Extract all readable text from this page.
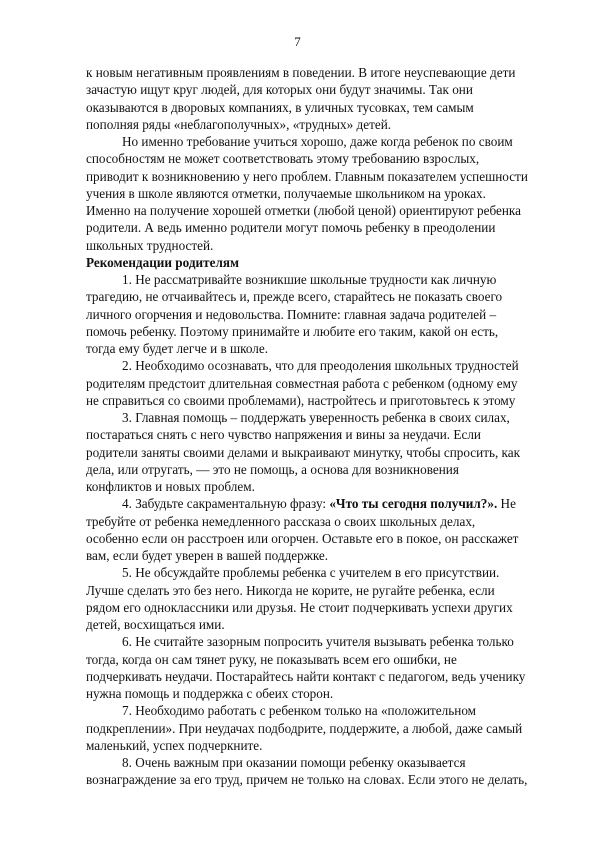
7
к новым негативным проявлениям в поведении. В итоге неуспевающие дети
зачастую ищут круг людей, для которых они будут значимы. Так они
оказываются в дворовых компаниях, в уличных тусовках, тем самым
пополняя ряды «неблагополучных», «трудных» детей.
Но именно требование учиться хорошо, даже когда ребенок по своим
способностям не может соответствовать этому требованию взрослых,
приводит к возникновению у него проблем. Главным показателем успешности
учения в школе являются отметки, получаемые школьником на уроках.
Именно на получение хорошей отметки (любой ценой) ориентируют ребенка
родители. А ведь именно родители могут помочь ребенку в преодолении
школьных трудностей.
Рекомендации родителям
1. Не рассматривайте возникшие школьные трудности как личную
трагедию, не отчаивайтесь и, прежде всего, старайтесь не показать своего
личного огорчения и недовольства. Помните: главная задача родителей –
помочь ребенку. Поэтому принимайте и любите его таким, какой он есть,
тогда ему будет легче и в школе.
2. Необходимо осознавать, что для преодоления школьных трудностей
родителям предстоит длительная совместная работа с ребенком (одному ему
не справиться со своими проблемами), настройтесь и приготовьтесь к этому
3. Главная помощь – поддержать уверенность ребенка в своих силах,
постараться снять с него чувство напряжения и вины за неудачи. Если
родители заняты своими делами и выкраивают минутку, чтобы спросить, как
дела, или отругать, — это не помощь, а основа для возникновения
конфликтов и новых проблем.
4. Забудьте сакраментальную фразу: «Что ты сегодня получил?». Не
требуйте от ребенка немедленного рассказа о своих школьных делах,
особенно если он расстроен или огорчен. Оставьте его в покое, он расскажет
вам, если будет уверен в вашей поддержке.
5. Не обсуждайте проблемы ребенка с учителем в его присутствии.
Лучше сделать это без него. Никогда не корите, не ругайте ребенка, если
рядом его одноклассники или друзья. Не стоит подчеркивать успехи других
детей, восхищаться ими.
6. Не считайте зазорным попросить учителя вызывать ребенка только
тогда, когда он сам тянет руку, не показывать всем его ошибки, не
подчеркивать неудачи. Постарайтесь найти контакт с педагогом, ведь ученику
нужна помощь и поддержка с обеих сторон.
7. Необходимо работать с ребенком только на «положительном
подкреплении». При неудачах подбодрите, поддержите, а любой, даже самый
маленький, успех подчеркните.
8. Очень важным при оказании помощи ребенку оказывается
вознаграждение за его труд, причем не только на словах. Если этого не делать,
